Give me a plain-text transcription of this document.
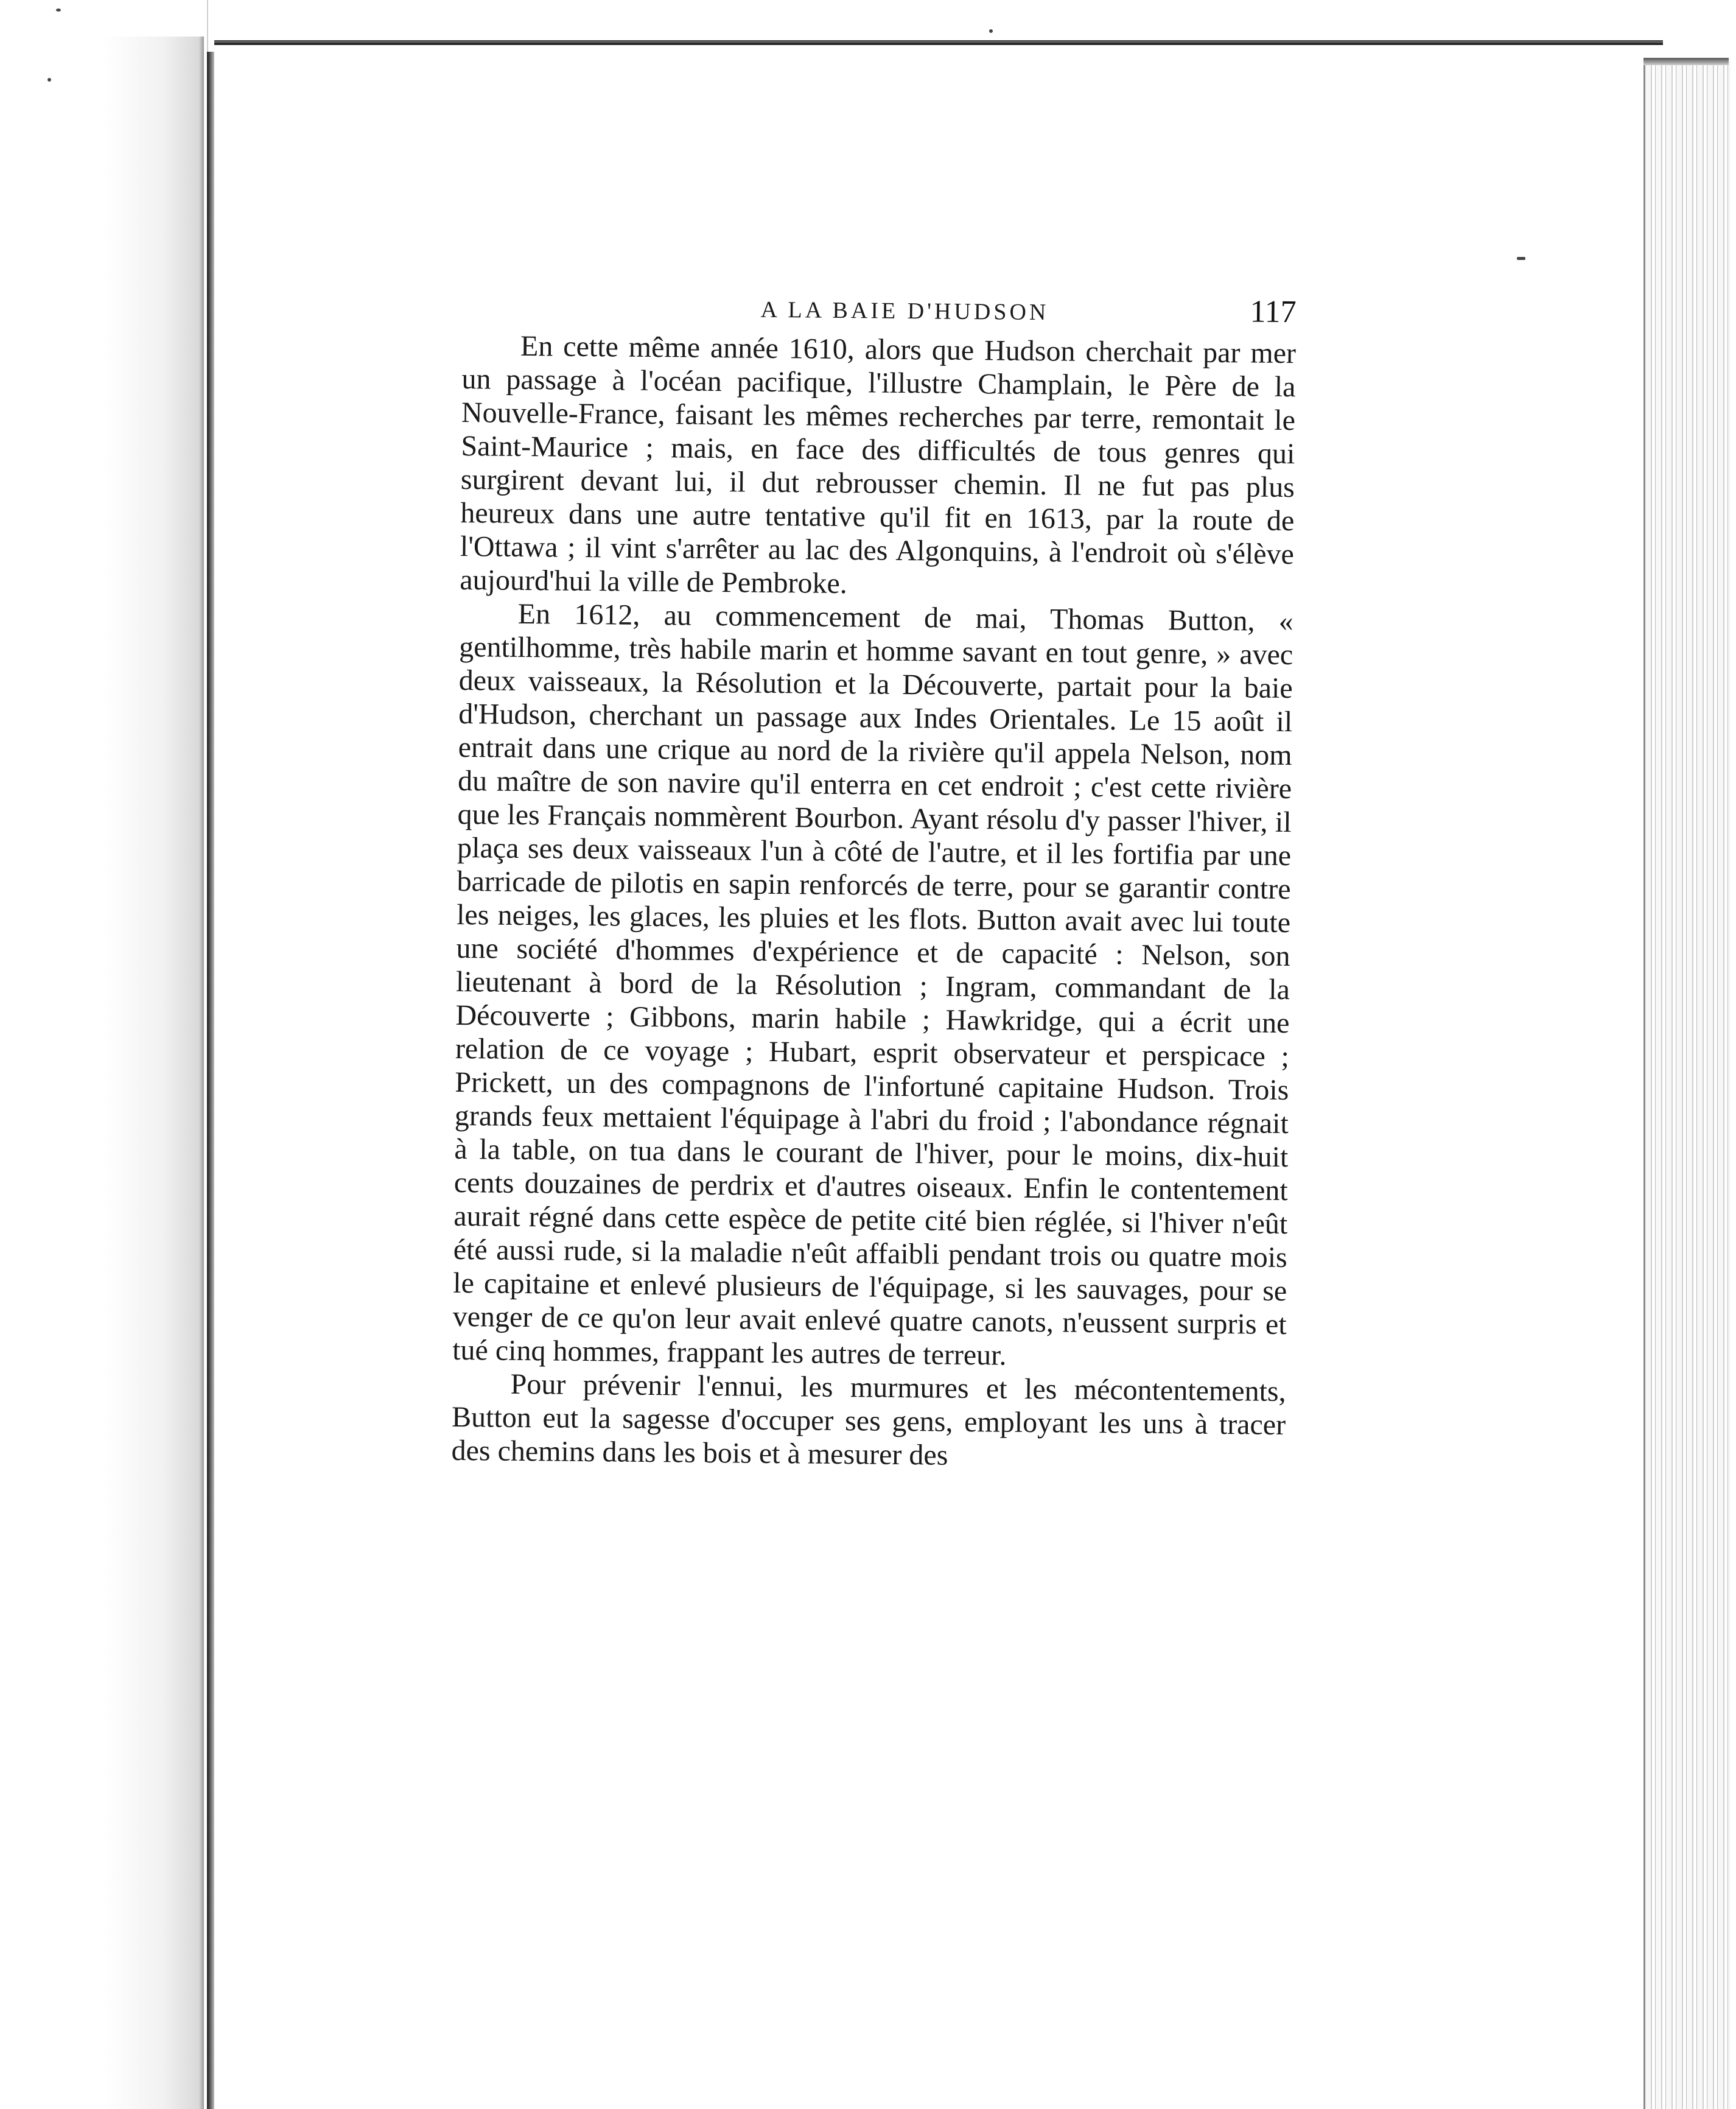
A LA BAIE D'HUDSON	117

En cette même année 1610, alors que Hudson cherchait par mer un passage à l'océan pacifique, l'illustre Champlain, le Père de la Nouvelle-France, faisant les mêmes recherches par terre, remontait le Saint-Maurice ; mais, en face des difficultés de tous genres qui surgirent devant lui, il dut rebrousser chemin. Il ne fut pas plus heureux dans une autre tentative qu'il fit en 1613, par la route de l'Ottawa ; il vint s'arrêter au lac des Algonquins, à l'endroit où s'élève aujourd'hui la ville de Pembroke.

En 1612, au commencement de mai, Thomas Button, « gentilhomme, très habile marin et homme savant en tout genre, » avec deux vaisseaux, la Résolution et la Découverte, partait pour la baie d'Hudson, cherchant un passage aux Indes Orientales. Le 15 août il entrait dans une crique au nord de la rivière qu'il appela Nelson, nom du maître de son navire qu'il enterra en cet endroit ; c'est cette rivière que les Français nommèrent Bourbon. Ayant résolu d'y passer l'hiver, il plaça ses deux vaisseaux l'un à côté de l'autre, et il les fortifia par une barricade de pilotis en sapin renforcés de terre, pour se garantir contre les neiges, les glaces, les pluies et les flots. Button avait avec lui toute une société d'hommes d'expérience et de capacité : Nelson, son lieutenant à bord de la Résolution ; Ingram, commandant de la Découverte ; Gibbons, marin habile ; Hawkridge, qui a écrit une relation de ce voyage ; Hubart, esprit observateur et perspicace ; Prickett, un des compagnons de l'infortuné capitaine Hudson. Trois grands feux mettaient l'équipage à l'abri du froid ; l'abondance régnait à la table, on tua dans le courant de l'hiver, pour le moins, dix-huit cents douzaines de perdrix et d'autres oiseaux. Enfin le contentement aurait régné dans cette espèce de petite cité bien réglée, si l'hiver n'eût été aussi rude, si la maladie n'eût affaibli pendant trois ou quatre mois le capitaine et enlevé plusieurs de l'équipage, si les sauvages, pour se venger de ce qu'on leur avait enlevé quatre canots, n'eussent surpris et tué cinq hommes, frappant les autres de terreur.

Pour prévenir l'ennui, les murmures et les mécontentements, Button eut la sagesse d'occuper ses gens, employant les uns à tracer des chemins dans les bois et à mesurer des
